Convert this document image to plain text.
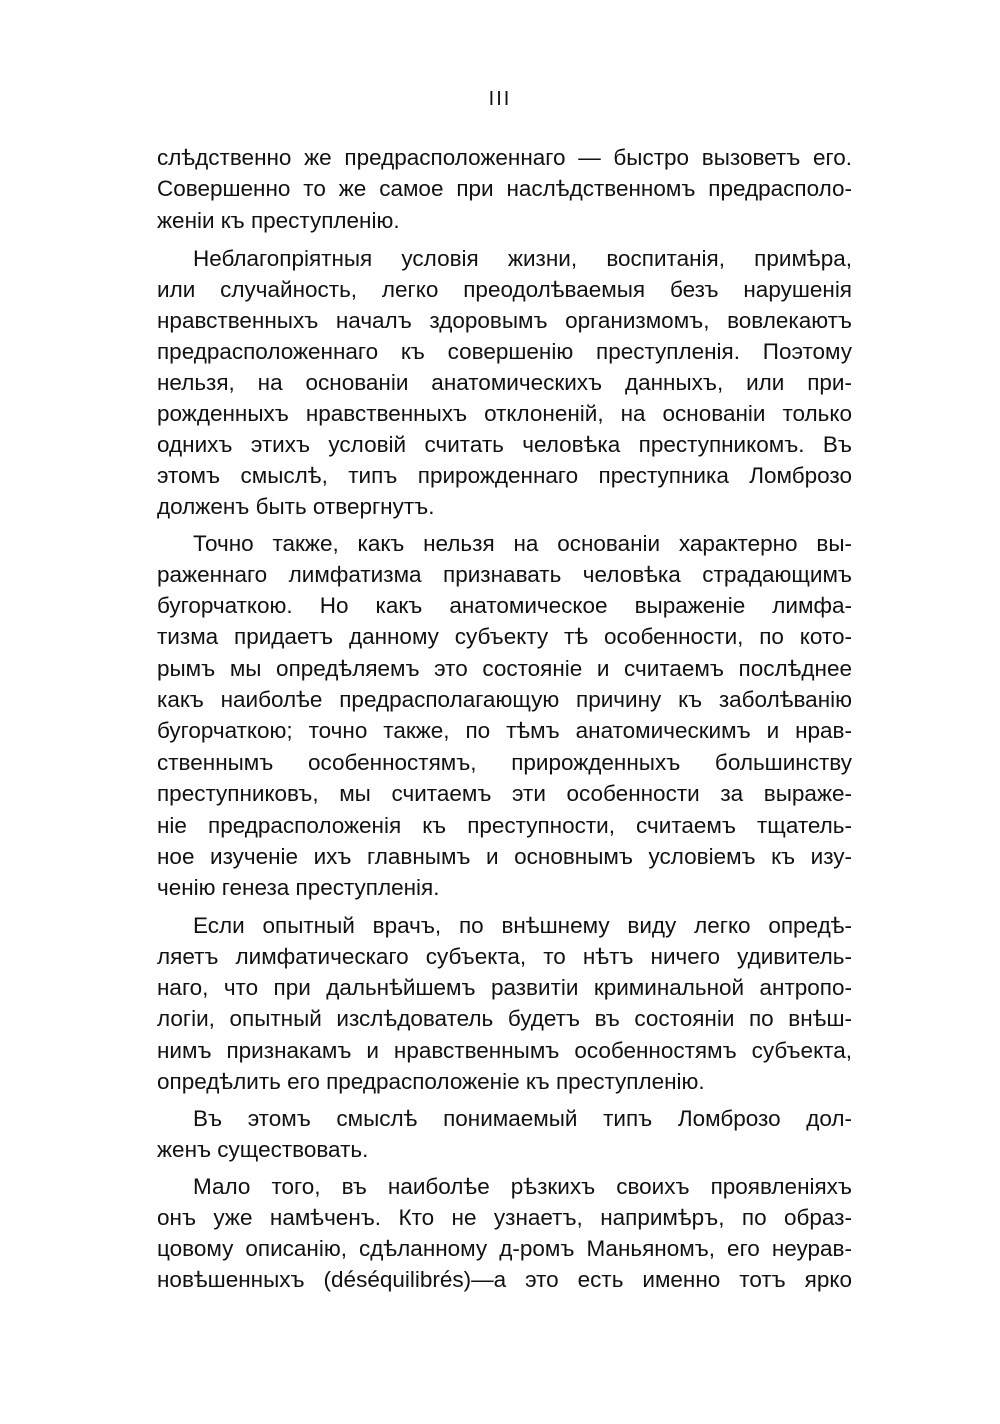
III
слѣдственно же предрасположеннаго — быстро вызоветъ его.
Совершенно то же самое при наслѣдственномъ предрасполо-
женіи къ преступленію.
Неблагопріятныя условія жизни, воспитанія, примѣра,
или случайность, легко преодолѣваемыя безъ нарушенія
нравственныхъ началъ здоровымъ организмомъ, вовлекаютъ
предрасположеннаго къ совершенію преступленія. Поэтому
нельзя, на основаніи анатомическихъ данныхъ, или при-
рожденныхъ нравственныхъ отклоненій, на основаніи только
однихъ этихъ условій считать человѣка преступникомъ. Въ
этомъ смыслѣ, типъ прирожденнаго преступника Ломброзо
долженъ быть отвергнутъ.
Точно также, какъ нельзя на основаніи характерно вы-
раженнаго лимфатизма признавать человѣка страдающимъ
бугорчаткою. Но какъ анатомическое выраженіе лимфа-
тизма придаетъ данному субъекту тѣ особенности, по кото-
рымъ мы опредѣляемъ это состояніе и считаемъ послѣднее
какъ наиболѣе предрасполагающую причину къ заболѣванію
бугорчаткою; точно также, по тѣмъ анатомическимъ и нрав-
ственнымъ особенностямъ, прирожденныхъ большинству
преступниковъ, мы считаемъ эти особенности за выраже-
ніе предрасположенія къ преступности, считаемъ тщатель-
ное изученіе ихъ главнымъ и основнымъ условіемъ къ изу-
ченію генеза преступленія.
Если опытный врачъ, по внѣшнему виду легко опредѣ-
ляетъ лимфатическаго субъекта, то нѣтъ ничего удивитель-
наго, что при дальнѣйшемъ развитіи криминальной антропо-
логіи, опытный изслѣдователь будетъ въ состояніи по внѣш-
нимъ признакамъ и нравственнымъ особенностямъ субъекта,
опредѣлить его предрасположеніе къ преступленію.
Въ этомъ смыслѣ понимаемый типъ Ломброзо дол-
женъ существовать.
Мало того, въ наиболѣе рѣзкихъ своихъ проявленіяхъ
онъ уже намѣченъ. Кто не узнаетъ, напримѣръ, по образ-
цовому описанію, сдѣланному д-ромъ Маньяномъ, его неурав-
новѣшенныхъ (déséquilibrés)—а это есть именно тотъ ярко
